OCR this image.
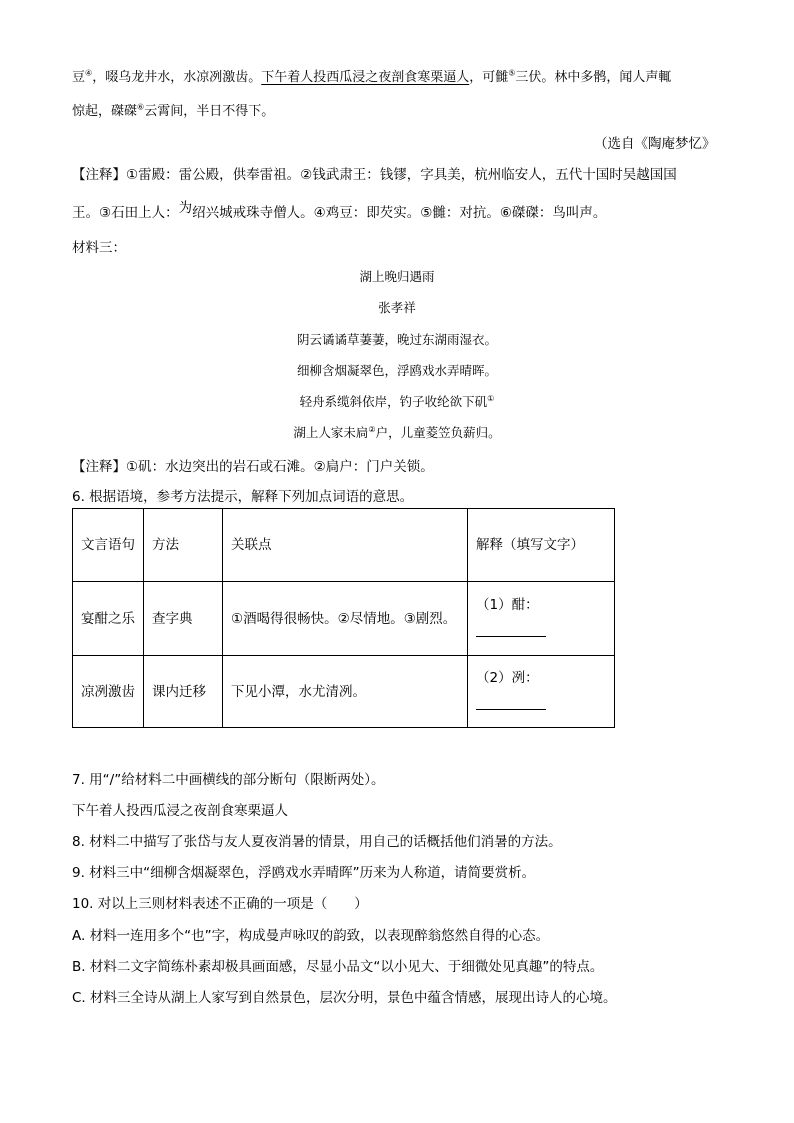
豆④，啜乌龙井水，水凉冽激齿。下午着人投西瓜浸之夜剖食寒栗逼人，可雠⑤三伏。林中多鹘，闻人声輒
惊起，磔磔⑥云霄间，半日不得下。
（选自《陶庵梦忆》
【注释】①雷殿：雷公殿，供奉雷祖。②钱武肃王：钱镠，字具美，杭州临安人，五代十国时吴越国国
王。③石田上人：为绍兴城戒珠寺僧人。④鸡豆：即芡实。⑤雠：对抗。⑥磔磔：鸟叫声。
材料三：
湖上晚归遇雨
张孝祥
阴云谲谲草萋萋，晚过东湖雨湿衣。
细柳含烟凝翠色，浮鸥戏水弄晴晖。
轻舟系缆斜依岸，钓子收纶欲下矶①
湖上人家未扃②户，儿童菱笠负薪归。
【注释】①矶：水边突出的岩石或石滩。②扃户：门户关锁。
6. 根据语境，参考方法提示，解释下列加点词语的意思。
文言语句	方法	关联点	解释（填写文字）
宴酣之乐	查字典	①酒喝得很畅快。②尽情地。③剧烈。	（1）酣：

凉冽激齿	课内迁移	下见小潭，水尤清冽。	（2）冽：
7. 用“/”给材料二中画横线的部分断句（限断两处）。
下午着人投西瓜浸之夜剖食寒栗逼人
8. 材料二中描写了张岱与友人夏夜消暑的情景，用自己的话概括他们消暑的方法。
9. 材料三中“细柳含烟凝翠色，浮鸥戏水弄晴晖”历来为人称道，请简要赏析。
10. 对以上三则材料表述不正确的一项是（　　）
A. 材料一连用多个“也”字，构成曼声咏叹的韵致，以表现醉翁悠然自得的心态。
B. 材料二文字简练朴素却极具画面感，尽显小品文“以小见大、于细微处见真趣”的特点。
C. 材料三全诗从湖上人家写到自然景色，层次分明，景色中蕴含情感，展现出诗人的心境。
